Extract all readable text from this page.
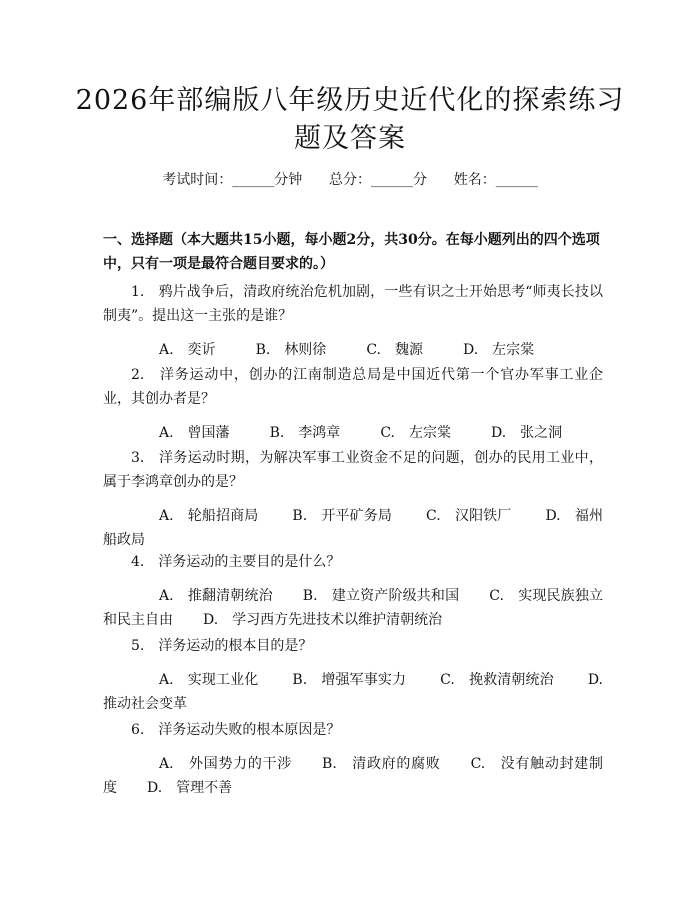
2026年部编版八年级历史近代化的探索练习
题及答案
考试时间：______分钟      总分：______分      姓名：______

一、选择题（本大题共15小题，每小题2分，共30分。在每小题列出的四个选项中，只有一项是最符合题目要求的。）

1.　鸦片战争后，清政府统治危机加剧，一些有识之士开始思考“师夷长技以制夷”。提出这一主张的是谁？

A.　奕䜣	B.　林则徐	C.　魏源	D.　左宗棠

2.　洋务运动中，创办的江南制造总局是中国近代第一个官办军事工业企业，其创办者是？

A.　曾国藩	B.　李鸿章	C.　左宗棠	D.　张之洞

3.　洋务运动时期，为解决军事工业资金不足的问题，创办的民用工业中，属于李鸿章创办的是？

A.　轮船招商局 B.　开平矿务局 C.　汉阳铁厂 D.　福州船政局

4.　洋务运动的主要目的是什么？

A.　推翻清朝统治 B.　建立资产阶级共和国 C.　实现民族独立和民主自由 D.　学习西方先进技术以维护清朝统治

5.　洋务运动的根本目的是？

A.　实现工业化 B.　增强军事实力 C.　挽救清朝统治 D.　推动社会变革

6.　洋务运动失败的根本原因是？

A.　外国势力的干涉 B.　清政府的腐败 C.　没有触动封建制度 D.　管理不善
